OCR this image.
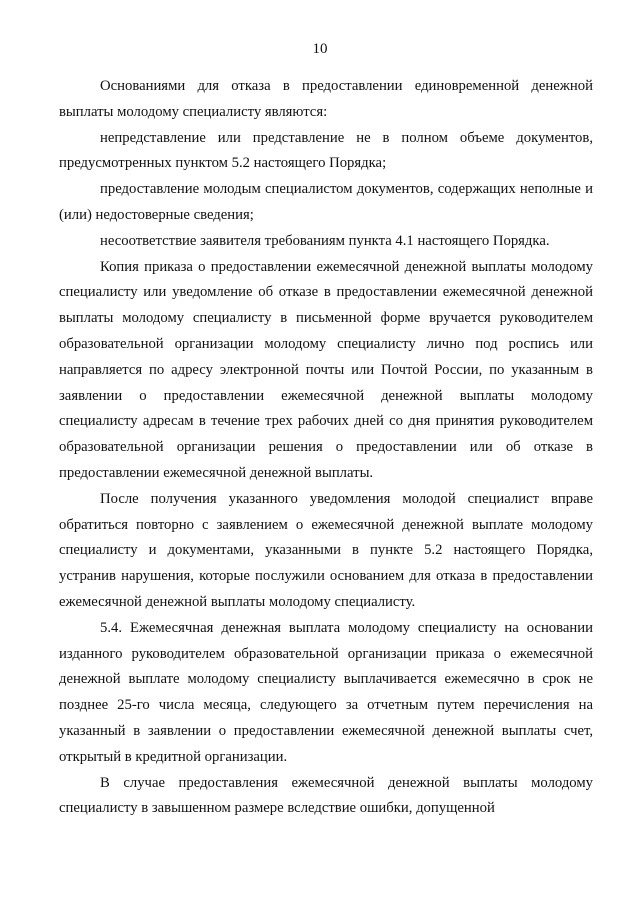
10

Основаниями для отказа в предоставлении единовременной денежной выплаты молодому специалисту являются:

непредставление или представление не в полном объеме документов, предусмотренных пунктом 5.2 настоящего Порядка;

предоставление молодым специалистом документов, содержащих неполные и (или) недостоверные сведения;

несоответствие заявителя требованиям пункта 4.1 настоящего Порядка.

Копия приказа о предоставлении ежемесячной денежной выплаты молодому специалисту или уведомление об отказе в предоставлении ежемесячной денежной выплаты молодому специалисту в письменной форме вручается руководителем образовательной организации молодому специалисту лично под роспись или направляется по адресу электронной почты или Почтой России, по указанным в заявлении о предоставлении ежемесячной денежной выплаты молодому специалисту адресам в течение трех рабочих дней со дня принятия руководителем образовательной организации решения о предоставлении или об отказе в предоставлении ежемесячной денежной выплаты.

После получения указанного уведомления молодой специалист вправе обратиться повторно с заявлением о ежемесячной денежной выплате молодому специалисту и документами, указанными в пункте 5.2 настоящего Порядка, устранив нарушения, которые послужили основанием для отказа в предоставлении ежемесячной денежной выплаты молодому специалисту.

5.4. Ежемесячная денежная выплата молодому специалисту на основании изданного руководителем образовательной организации приказа о ежемесячной денежной выплате молодому специалисту выплачивается ежемесячно в срок не позднее 25-го числа месяца, следующего за отчетным путем перечисления на указанный в заявлении о предоставлении ежемесячной денежной выплаты счет, открытый в кредитной организации.

В случае предоставления ежемесячной денежной выплаты молодому специалисту в завышенном размере вследствие ошибки, допущенной
